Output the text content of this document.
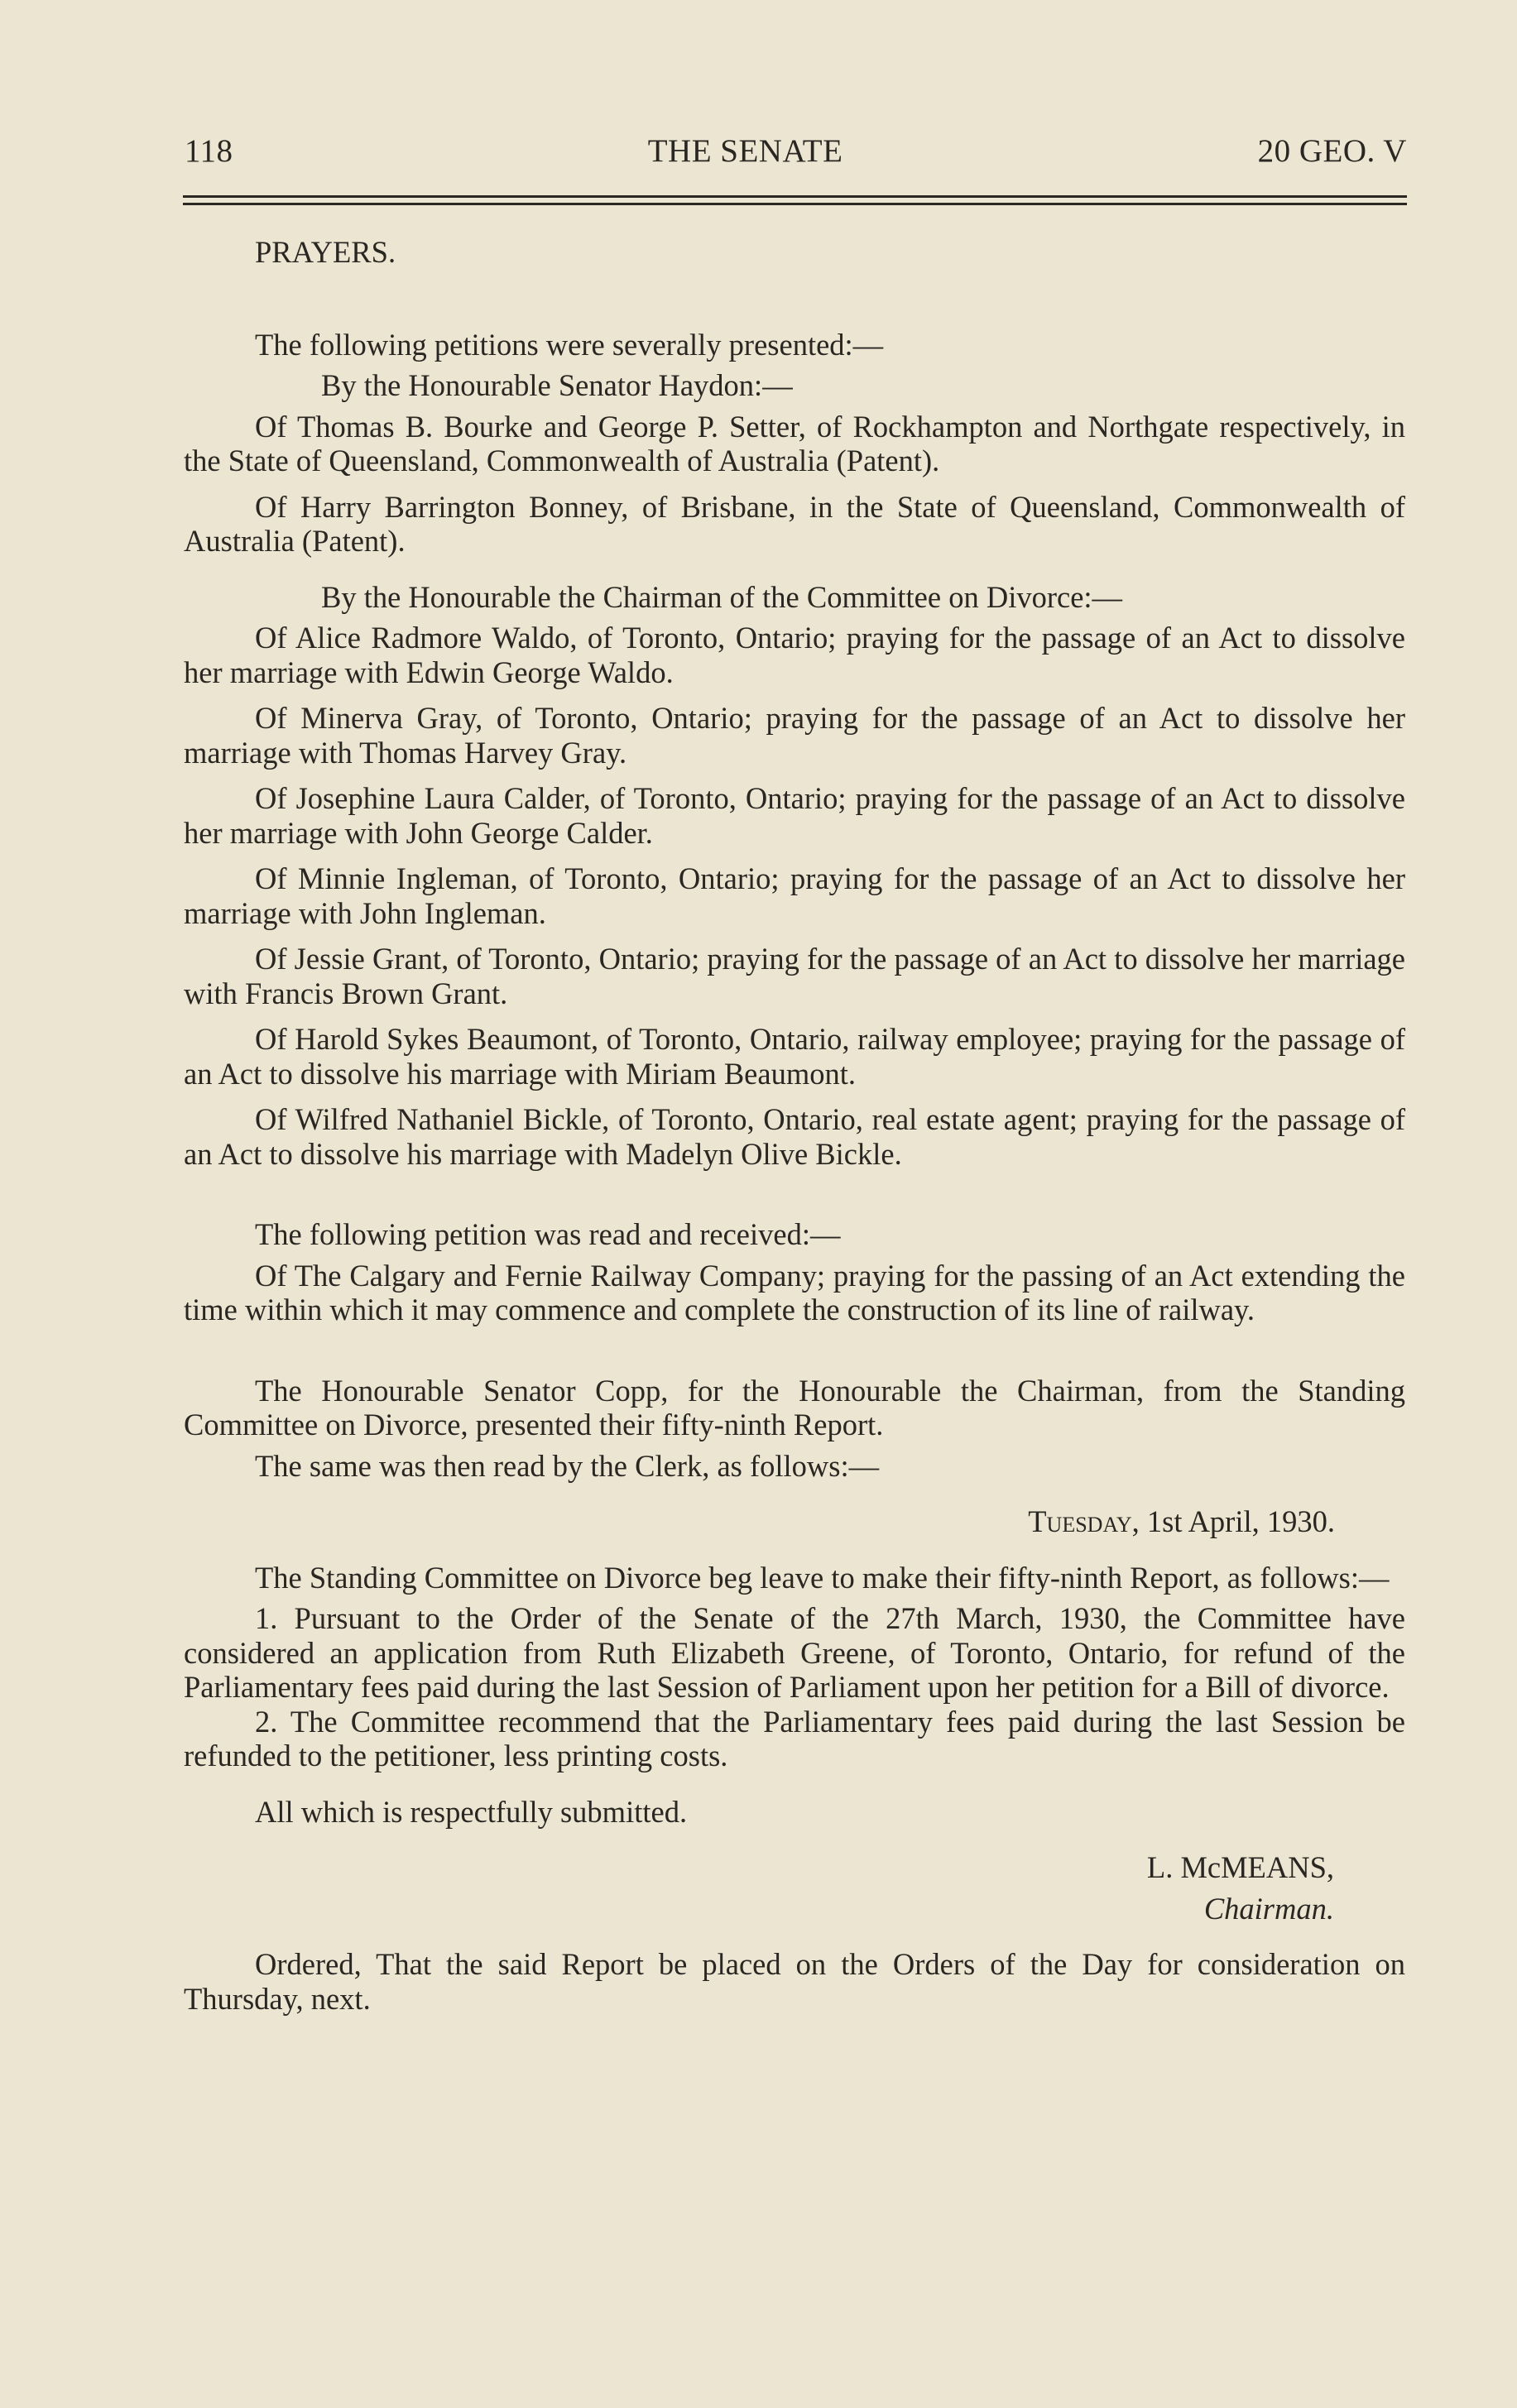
118	THE SENATE	20 GEO. V

PRAYERS.

The following petitions were severally presented:—

By the Honourable Senator Haydon:—

Of Thomas B. Bourke and George P. Setter, of Rockhampton and Northgate respectively, in the State of Queensland, Commonwealth of Australia (Patent).

Of Harry Barrington Bonney, of Brisbane, in the State of Queensland, Commonwealth of Australia (Patent).

By the Honourable the Chairman of the Committee on Divorce:—

Of Alice Radmore Waldo, of Toronto, Ontario; praying for the passage of an Act to dissolve her marriage with Edwin George Waldo.

Of Minerva Gray, of Toronto, Ontario; praying for the passage of an Act to dissolve her marriage with Thomas Harvey Gray.

Of Josephine Laura Calder, of Toronto, Ontario; praying for the passage of an Act to dissolve her marriage with John George Calder.

Of Minnie Ingleman, of Toronto, Ontario; praying for the passage of an Act to dissolve her marriage with John Ingleman.

Of Jessie Grant, of Toronto, Ontario; praying for the passage of an Act to dissolve her marriage with Francis Brown Grant.

Of Harold Sykes Beaumont, of Toronto, Ontario, railway employee; praying for the passage of an Act to dissolve his marriage with Miriam Beaumont.

Of Wilfred Nathaniel Bickle, of Toronto, Ontario, real estate agent; praying for the passage of an Act to dissolve his marriage with Madelyn Olive Bickle.

The following petition was read and received:—

Of The Calgary and Fernie Railway Company; praying for the passing of an Act extending the time within which it may commence and complete the construction of its line of railway.

The Honourable Senator Copp, for the Honourable the Chairman, from the Standing Committee on Divorce, presented their fifty-ninth Report.

The same was then read by the Clerk, as follows:—

Tuesday, 1st April, 1930.

The Standing Committee on Divorce beg leave to make their fifty-ninth Report, as follows:—

1. Pursuant to the Order of the Senate of the 27th March, 1930, the Committee have considered an application from Ruth Elizabeth Greene, of Toronto, Ontario, for refund of the Parliamentary fees paid during the last Session of Parliament upon her petition for a Bill of divorce.

2. The Committee recommend that the Parliamentary fees paid during the last Session be refunded to the petitioner, less printing costs.

All which is respectfully submitted.

L. McMEANS,

Chairman.

Ordered, That the said Report be placed on the Orders of the Day for consideration on Thursday, next.
